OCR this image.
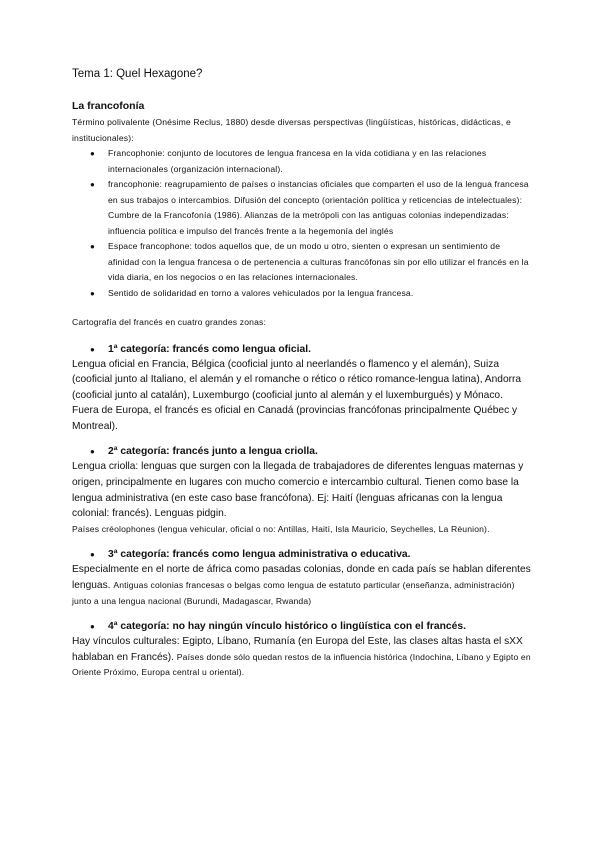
Tema 1: Quel Hexagone?
La francofonía
Término polivalente (Onésime Reclus, 1880) desde diversas perspectivas (lingüísticas, históricas, didácticas, e institucionales):
● Francophonie: conjunto de locutores de lengua francesa en la vida cotidiana y en las relaciones internacionales (organización internacional).
● francophonie: reagrupamiento de países o instancias oficiales que comparten el uso de la lengua francesa en sus trabajos o intercambios. Difusión del concepto (orientación política y reticencias de intelectuales): Cumbre de la Francofonía (1986). Alianzas de la metrópoli con las antiguas colonias independizadas: influencia política e impulso del francés frente a la hegemonía del inglés
● Espace francophone: todos aquellos que, de un modo u otro, sienten o expresan un sentimiento de afinidad con la lengua francesa o de pertenencia a culturas francófonas sin por ello utilizar el francés en la vida diaria, en los negocios o en las relaciones internacionales.
● Sentido de solidaridad en torno a valores vehiculados por la lengua francesa.
Cartografía del francés en cuatro grandes zonas:
● 1ª categoría: francés como lengua oficial.
Lengua oficial en Francia, Bélgica (cooficial junto al neerlandés o flamenco y el alemán), Suiza (cooficial junto al Italiano, el alemán y el romanche o rético o rético romance-lengua latina), Andorra (cooficial junto al catalán), Luxemburgo (cooficial junto al alemán y el luxemburgués) y Mónaco. Fuera de Europa, el francés es oficial en Canadá (provincias francófonas principalmente Québec y Montreal).
● 2ª categoría: francés junto a lengua criolla.
Lengua criolla: lenguas que surgen con la llegada de trabajadores de diferentes lenguas maternas y origen, principalmente en lugares con mucho comercio e intercambio cultural. Tienen como base la lengua administrativa (en este caso base francófona). Ej: Haití (lenguas africanas con la lengua colonial: francés). Lenguas pidgin.
Países créolophones (lengua vehicular, oficial o no: Antillas, Haití, Isla Mauricio, Seychelles, La Réunion).
● 3ª categoría: francés como lengua administrativa o educativa.
Especialmente en el norte de áfrica como pasadas colonias, donde en cada país se hablan diferentes lenguas. Antiguas colonias francesas o belgas como lengua de estatuto particular (enseñanza, administración) junto a una lengua nacional (Burundi, Madagascar, Rwanda)
● 4ª categoría: no hay ningún vínculo histórico o lingüística con el francés.
Hay vínculos culturales: Egipto, Líbano, Rumanía (en Europa del Este, las clases altas hasta el sXX hablaban en Francés). Países donde sólo quedan restos de la influencia histórica (Indochina, Líbano y Egipto en Oriente Próximo, Europa central u oriental).
